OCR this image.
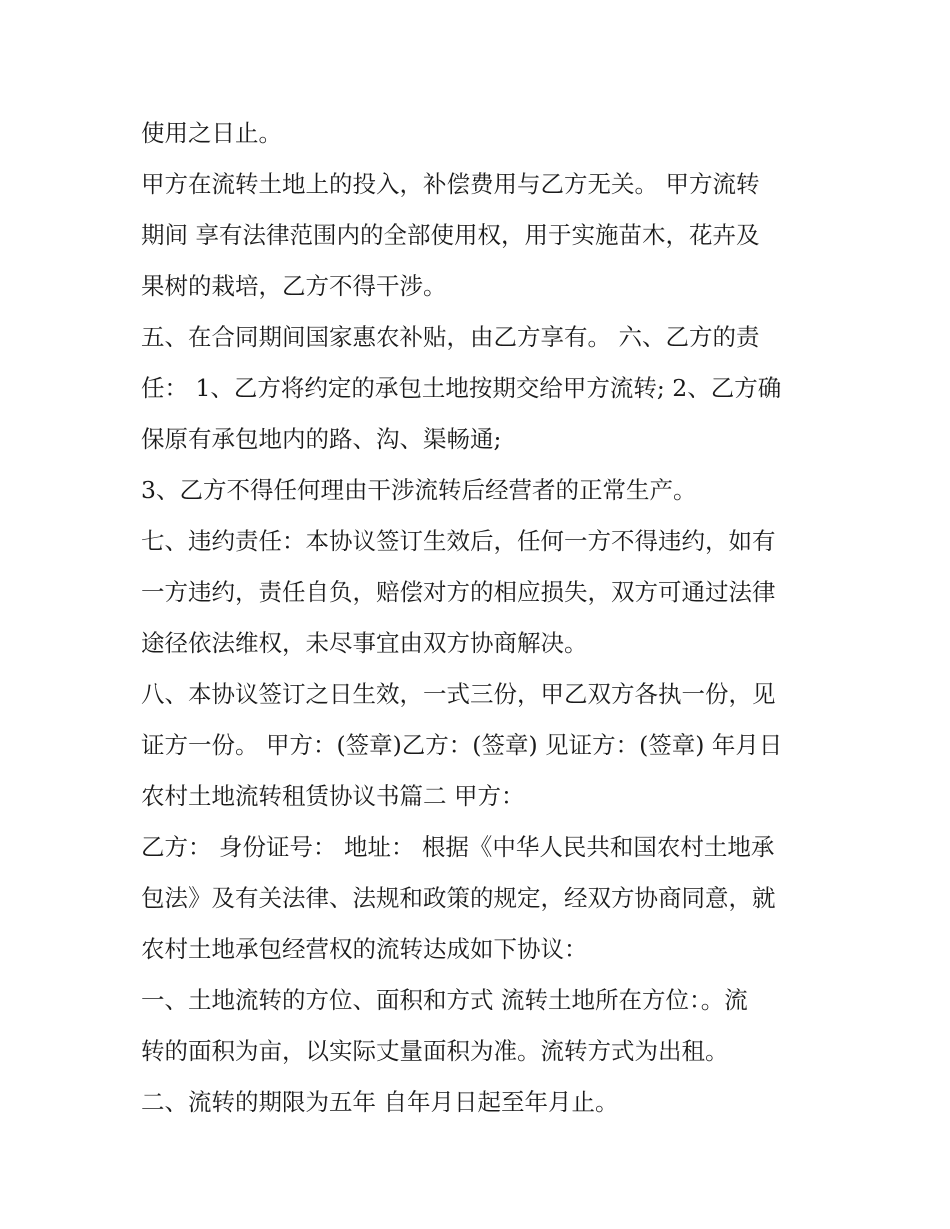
使用之日止。
甲方在流转土地上的投入，补偿费用与乙方无关。 甲方流转
期间 享有法律范围内的全部使用权，用于实施苗木，花卉及
果树的栽培，乙方不得干涉。
五、在合同期间国家惠农补贴，由乙方享有。 六、乙方的责
任： 1、乙方将约定的承包土地按期交给甲方流转; 2、乙方确
保原有承包地内的路、沟、渠畅通;
3、乙方不得任何理由干涉流转后经营者的正常生产。
七、违约责任：本协议签订生效后，任何一方不得违约，如有
一方违约，责任自负，赔偿对方的相应损失，双方可通过法律
途径依法维权，未尽事宜由双方协商解决。
八、本协议签订之日生效，一式三份，甲乙双方各执一份，见
证方一份。 甲方：(签章)乙方：(签章) 见证方：(签章) 年月日
农村土地流转租赁协议书篇二 甲方：
乙方： 身份证号： 地址： 根据《中华人民共和国农村土地承
包法》及有关法律、法规和政策的规定，经双方协商同意，就
农村土地承包经营权的流转达成如下协议：
一、土地流转的方位、面积和方式 流转土地所在方位：。流
转的面积为亩，以实际丈量面积为准。流转方式为出租。
二、流转的期限为五年 自年月日起至年月止。
